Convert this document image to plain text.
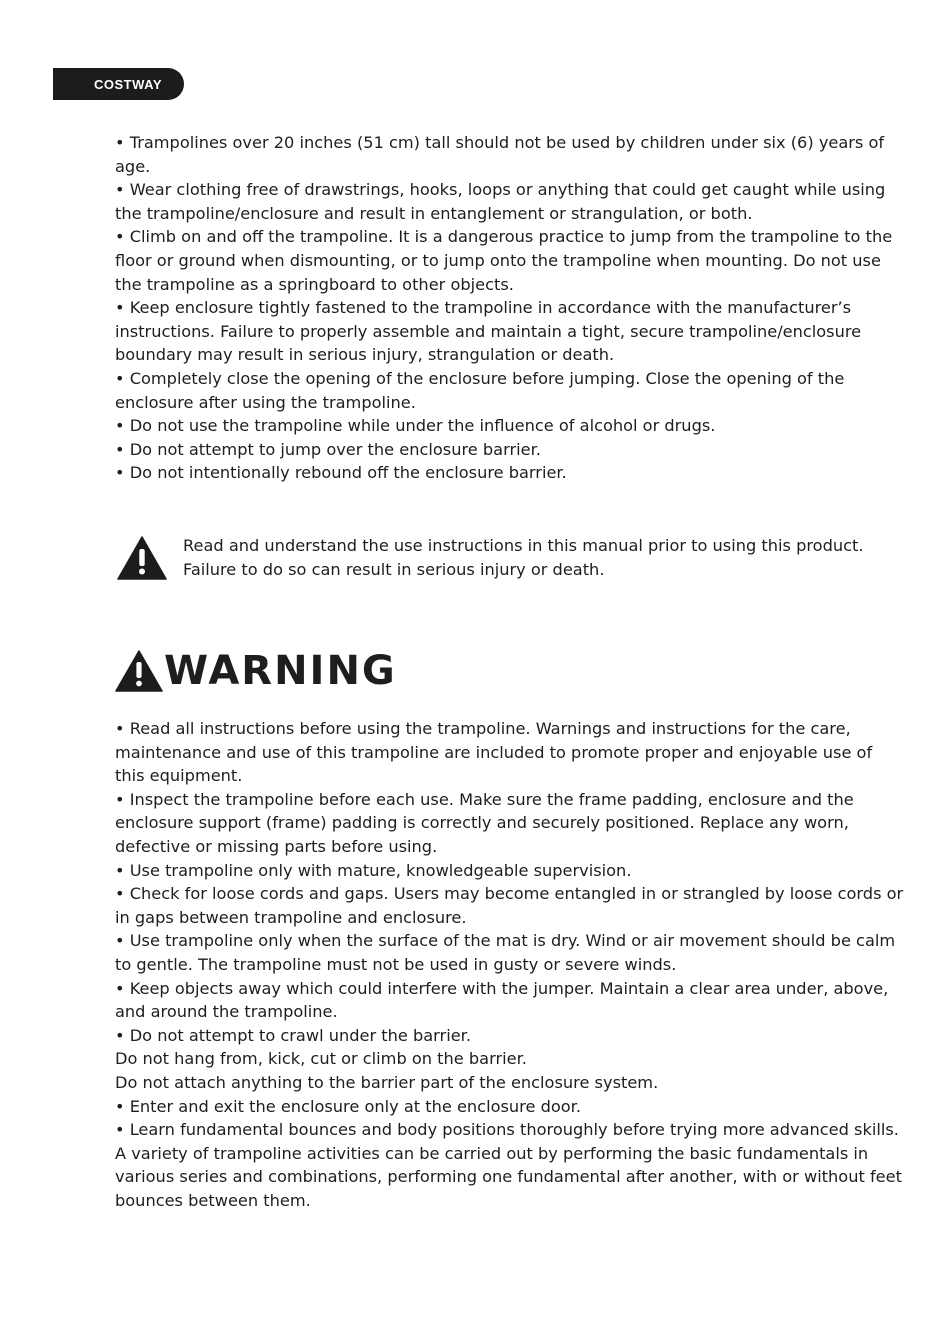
COSTWAY

• Trampolines over 20 inches (51 cm) tall should not be used by children under six (6) years of age.

• Wear clothing free of drawstrings, hooks, loops or anything that could get caught while using the trampoline/enclosure and result in entanglement or strangulation, or both.

• Climb on and off the trampoline. It is a dangerous practice to jump from the trampoline to the floor or ground when dismounting, or to jump onto the trampoline when mounting. Do not use the trampoline as a springboard to other objects.

• Keep enclosure tightly fastened to the trampoline in accordance with the manufacturer’s instructions. Failure to properly assemble and maintain a tight, secure trampoline/enclosure boundary may result in serious injury, strangulation or death.

• Completely close the opening of the enclosure before jumping. Close the opening of the enclosure after using the trampoline.

• Do not use the trampoline while under the influence of alcohol or drugs.

• Do not attempt to jump over the enclosure barrier.

• Do not intentionally rebound off the enclosure barrier.

Read and understand the use instructions in this manual prior to using this product. Failure to do so can result in serious injury or death.
WARNING

• Read all instructions before using the trampoline. Warnings and instructions for the care, maintenance and use of this trampoline are included to promote proper and enjoyable use of this equipment.

• Inspect the trampoline before each use. Make sure the frame padding, enclosure and the enclosure support (frame) padding is correctly and securely positioned. Replace any worn, defective or missing parts before using.

• Use trampoline only with mature, knowledgeable supervision.

• Check for loose cords and gaps. Users may become entangled in or strangled by loose cords or in gaps between trampoline and enclosure.

• Use trampoline only when the surface of the mat is dry. Wind or air movement should be calm to gentle. The trampoline must not be used in gusty or severe winds.

• Keep objects away which could interfere with the jumper. Maintain a clear area under, above, and around the trampoline.

• Do not attempt to crawl under the barrier.

Do not hang from, kick, cut or climb on the barrier.

Do not attach anything to the barrier part of the enclosure system.

• Enter and exit the enclosure only at the enclosure door.

• Learn fundamental bounces and body positions thoroughly before trying more advanced skills. A variety of trampoline activities can be carried out by performing the basic fundamentals in various series and combinations, performing one fundamental after another, with or without feet bounces between them.
